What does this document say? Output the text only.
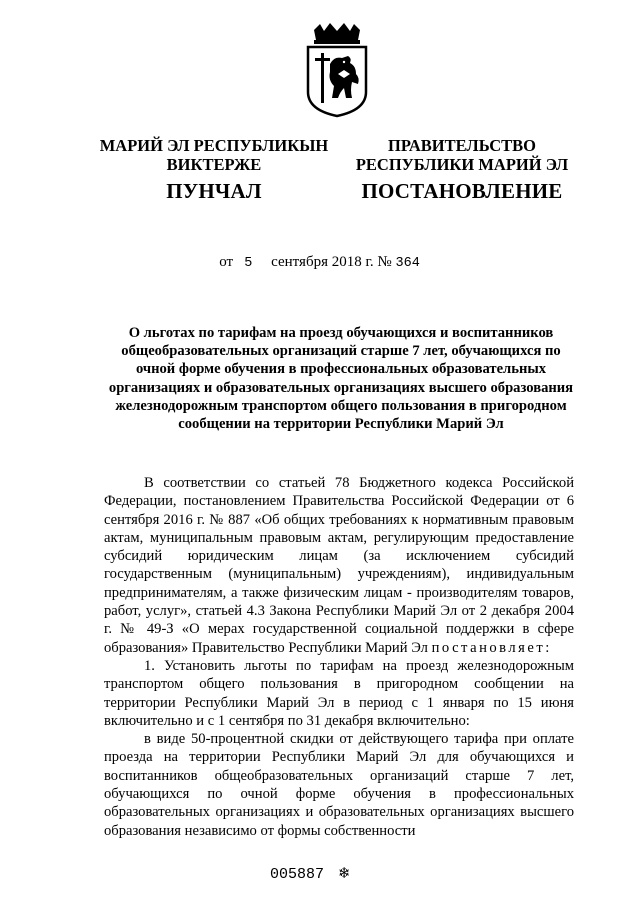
МАРИЙ ЭЛ РЕСПУБЛИКЫН
ВИКТЕРЖЕ
ПУНЧАЛ
ПРАВИТЕЛЬСТВО
РЕСПУБЛИКИ МАРИЙ ЭЛ
ПОСТАНОВЛЕНИЕ
от 5 сентября 2018 г. № 364
О льготах по тарифам на проезд обучающихся и воспитанников общеобразовательных организаций старше 7 лет, обучающихся по очной форме обучения в профессиональных образовательных организациях и образовательных организациях высшего образования железнодорожным транспортом общего пользования в пригородном сообщении на территории Республики Марий Эл

В соответствии со статьей 78 Бюджетного кодекса Российской Федерации, постановлением Правительства Российской Федерации от 6 сентября 2016 г. № 887 «Об общих требованиях к нормативным правовым актам, муниципальным правовым актам, регулирующим предоставление субсидий юридическим лицам (за исключением субсидий государственным (муниципальным) учреждениям), индивидуальным предпринимателям, а также физическим лицам - производителям товаров, работ, услуг», статьей 4.3 Закона Республики Марий Эл от 2 декабря 2004 г. № 49-З «О мерах государственной социальной поддержки в сфере образования» Правительство Республики Марий Эл постановляет:

1. Установить льготы по тарифам на проезд железнодорожным транспортом общего пользования в пригородном сообщении на территории Республики Марий Эл в период с 1 января по 15 июня включительно и с 1 сентября по 31 декабря включительно:

в виде 50-процентной скидки от действующего тарифа при оплате проезда на территории Республики Марий Эл для обучающихся и воспитанников общеобразовательных организаций старше 7 лет, обучающихся по очной форме обучения в профессиональных образовательных организациях и образовательных организациях высшего образования независимо от формы собственности

005887 ❄
